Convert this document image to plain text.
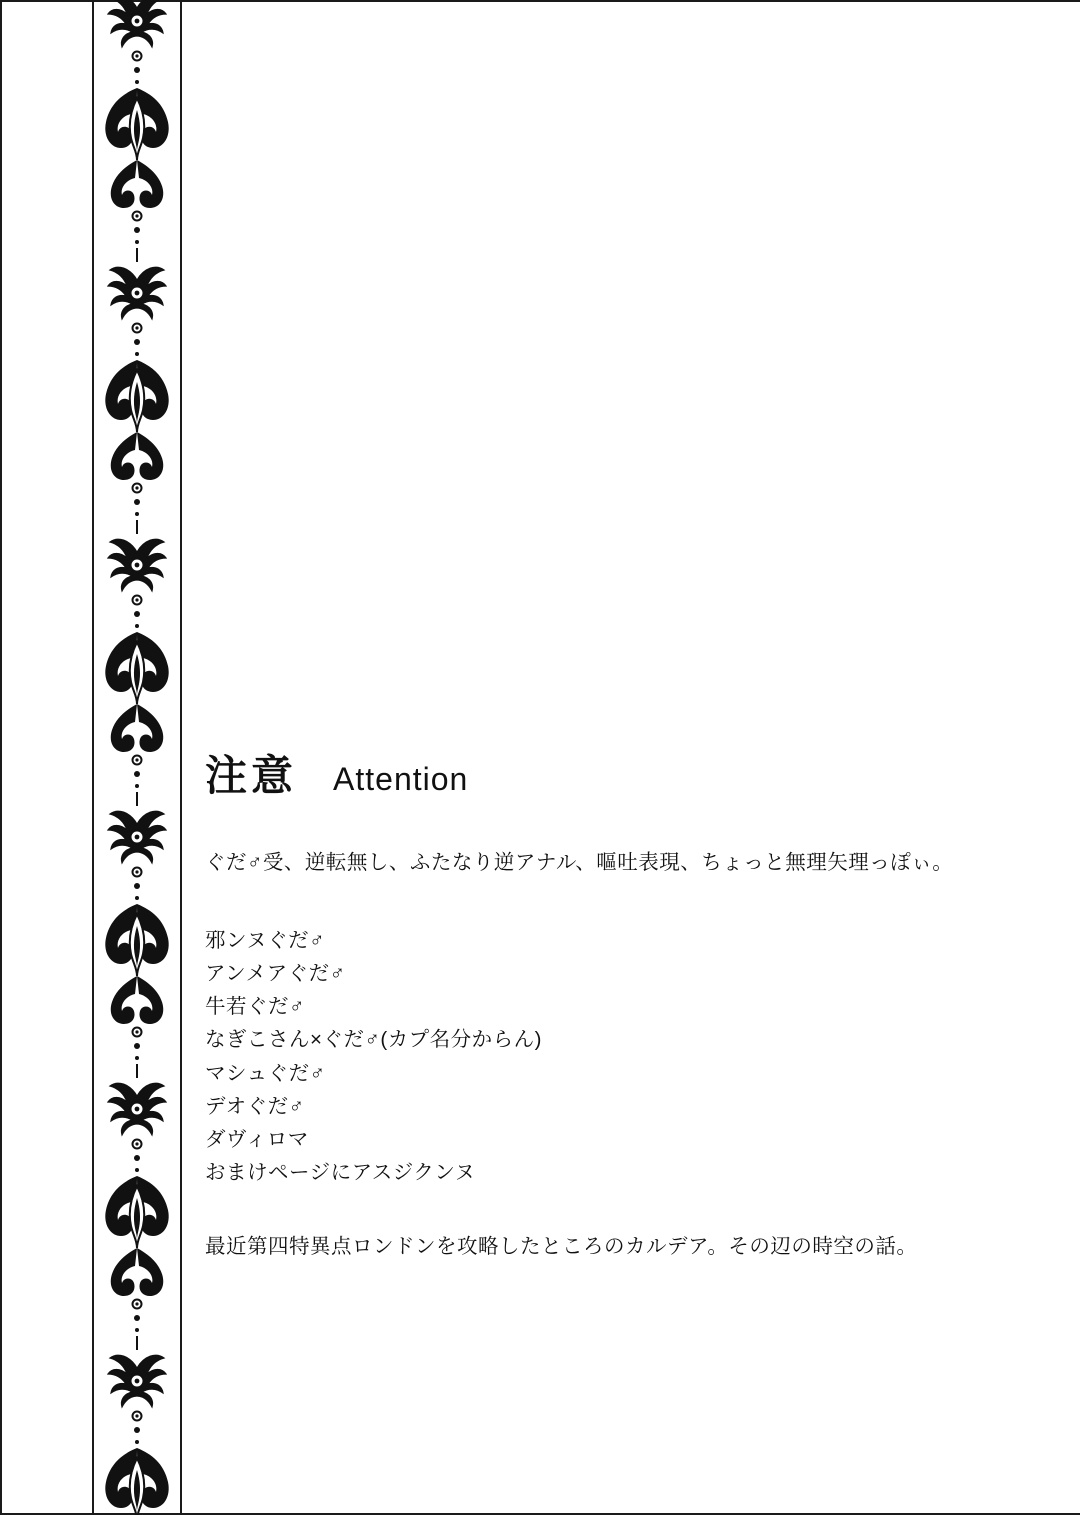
注意 Attention

ぐだ♂受、逆転無し、ふたなり逆アナル、嘔吐表現、ちょっと無理矢理っぽぃ。

邪ンヌぐだ♂
アンメアぐだ♂
牛若ぐだ♂
なぎこさん×ぐだ♂(カプ名分からん)
マシュぐだ♂
デオぐだ♂
ダヴィロマ
おまけページにアスジクンヌ

最近第四特異点ロンドンを攻略したところのカルデア。その辺の時空の話。
